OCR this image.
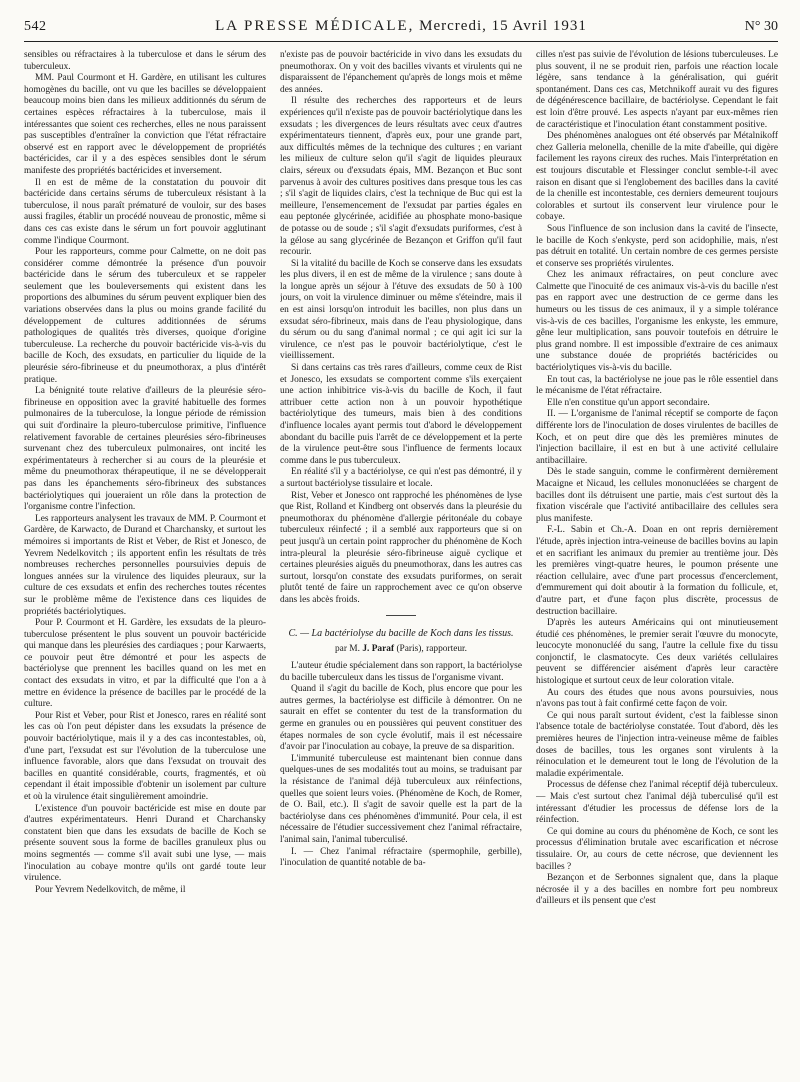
542	LA PRESSE MÉDICALE, Mercredi, 15 Avril 1931	N° 30

sensibles ou réfractaires à la tuberculose et dans le sérum des tuberculeux.

MM. Paul Courmont et H. Gardère, en utilisant les cultures homogènes du bacille, ont vu que les bacilles se développaient beaucoup moins bien dans les milieux additionnés du sérum de certaines espèces réfractaires à la tuberculose, mais il intéressantes que soient ces recherches, elles ne nous paraissent pas susceptibles d'entraîner la conviction que l'état réfractaire observé est en rapport avec le développement de propriétés bactéricides, car il y a des espèces sensibles dont le sérum manifeste des propriétés bactéricides et inversement.

Il en est de même de la constatation du pouvoir dit bactéricide dans certains sérums de tuberculeux résistant à la tuberculose, il nous paraît prématuré de vouloir, sur des bases aussi fragiles, établir un procédé nouveau de pronostic, même si dans ces cas existe dans le sérum un fort pouvoir agglutinant comme l'indique Courmont.

Pour les rapporteurs, comme pour Calmette, on ne doit pas considérer comme démontrée la présence d'un pouvoir bactéricide dans le sérum des tuberculeux et se rappeler seulement que les bouleversements qui existent dans les proportions des albumines du sérum peuvent expliquer bien des variations observées dans la plus ou moins grande facilité du développement de cultures additionnées de sérums pathologiques de qualités très diverses, quoique d'origine tuberculeuse. La recherche du pouvoir bactéricide vis-à-vis du bacille de Koch, des exsudats, en particulier du liquide de la pleurésie séro-fibrineuse et du pneumothorax, a plus d'intérêt pratique.

La bénignité toute relative d'ailleurs de la pleurésie séro-fibrineuse en opposition avec la gravité habituelle des formes pulmonaires de la tuberculose, la longue période de rémission qui suit d'ordinaire la pleuro-tuberculose primitive, l'influence relativement favorable de certaines pleurésies séro-fibrineuses survenant chez des tuberculeux pulmonaires, ont incité les expérimentateurs à rechercher si au cours de la pleurésie et même du pneumothorax thérapeutique, il ne se développerait pas dans les épanchements séro-fibrineux des substances bactériolytiques qui joueraient un rôle dans la protection de l'organisme contre l'infection.

Les rapporteurs analysent les travaux de MM. P. Courmont et Gardère, de Karwacto, de Durand et Charchansky, et surtout les mémoires si importants de Rist et Veber, de Rist et Jonesco, de Yevrem Nedelkovitch ; ils apportent enfin les résultats de très nombreuses recherches personnelles poursuivies depuis de longues années sur la virulence des liquides pleuraux, sur la culture de ces exsudats et enfin des recherches toutes récentes sur le problème même de l'existence dans ces liquides de propriétés bactériolytiques.

Pour P. Courmont et H. Gardère, les exsudats de la pleuro-tuberculose présentent le plus souvent un pouvoir bactéricide qui manque dans les pleurésies des cardiaques ; pour Karwaerts, ce pouvoir peut être démontré et pour les aspects de bactériolyse que prennent les bacilles quand on les met en contact des exsudats in vitro, et par la difficulté que l'on a à mettre en évidence la présence de bacilles par le procédé de la culture.

Pour Rist et Veber, pour Rist et Jonesco, rares en réalité sont les cas où l'on peut dépister dans les exsudats la présence de pouvoir bactériolytique, mais il y a des cas incontestables, où, d'une part, l'exsudat est sur l'évolution de la tuberculose une influence favorable, alors que dans l'exsudat on trouvait des bacilles en quantité considérable, courts, fragmentés, et où cependant il était impossible d'obtenir un isolement par culture et où la virulence était singulièrement amoindrie.

L'existence d'un pouvoir bactéricide est mise en doute par d'autres expérimentateurs. Henri Durand et Charchansky constatent bien que dans les exsudats de bacille de Koch se présente souvent sous la forme de bacilles granuleux plus ou moins segmentés — comme s'il avait subi une lyse, — mais l'inoculation au cobaye montre qu'ils ont gardé toute leur virulence.

Pour Yevrem Nedelkovitch, de même, il

n'existe pas de pouvoir bactéricide in vivo dans les exsudats du pneumothorax. On y voit des bacilles vivants et virulents qui ne disparaissent de l'épanchement qu'après de longs mois et même des années.

Il résulte des recherches des rapporteurs et de leurs expériences qu'il n'existe pas de pouvoir bactériolytique dans les exsudats ; les divergences de leurs résultats avec ceux d'autres expérimentateurs tiennent, d'après eux, pour une grande part, aux difficultés mêmes de la technique des cultures ; en variant les milieux de culture selon qu'il s'agit de liquides pleuraux clairs, séreux ou d'exsudats épais, MM. Bezançon et Buc sont parvenus à avoir des cultures positives dans presque tous les cas ; s'il s'agit de liquides clairs, c'est la technique de Buc qui est la meilleure, l'ensemencement de l'exsudat par parties égales en eau peptonée glycérinée, acidifiée au phosphate mono-basique de potasse ou de soude ; s'il s'agit d'exsudats puriformes, c'est à la gélose au sang glycérinée de Bezançon et Griffon qu'il faut recourir.

Si la vitalité du bacille de Koch se conserve dans les exsudats les plus divers, il en est de même de la virulence ; sans doute à la longue après un séjour à l'étuve des exsudats de 50 à 100 jours, on voit la virulence diminuer ou même s'éteindre, mais il en est ainsi lorsqu'on introduit les bacilles, non plus dans un exsudat séro-fibrineux, mais dans de l'eau physiologique, dans du sérum ou du sang d'animal normal ; ce qui agit ici sur la virulence, ce n'est pas le pouvoir bactériolytique, c'est le vieillissement.

Si dans certains cas très rares d'ailleurs, comme ceux de Rist et Jonesco, les exsudats se comportent comme s'ils exerçaient une action inhibitrice vis-à-vis du bacille de Koch, il faut attribuer cette action non à un pouvoir hypothétique bactériolytique des tumeurs, mais bien à des conditions d'influence locales ayant permis tout d'abord le développement abondant du bacille puis l'arrêt de ce développement et la perte de la virulence peut-être sous l'influence de ferments locaux comme dans le pus tuberculeux.

En réalité s'il y a bactériolyse, ce qui n'est pas démontré, il y a surtout bactériolyse tissulaire et locale.

Rist, Veber et Jonesco ont rapproché les phénomènes de lyse que Rist, Rolland et Kindberg ont observés dans la pleurésie du pneumothorax du phénomène d'allergie péritonéale du cobaye tuberculeux réinfecté ; il a semblé aux rapporteurs que si on peut jusqu'à un certain point rapprocher du phénomène de Koch intra-pleural la pleurésie séro-fibrineuse aiguë cyclique et certaines pleurésies aiguës du pneumothorax, dans les autres cas surtout, lorsqu'on constate des exsudats puriformes, on serait plutôt tenté de faire un rapprochement avec ce qu'on observe dans les abcès froids.

C. — La bactériolyse du bacille de Koch dans les tissus.
par M. J. Paraf (Paris), rapporteur.

L'auteur étudie spécialement dans son rapport, la bactériolyse du bacille tuberculeux dans les tissus de l'organisme vivant.

Quand il s'agit du bacille de Koch, plus encore que pour les autres germes, la bactériolyse est difficile à démontrer. On ne saurait en effet se contenter du test de la transformation du germe en granules ou en poussières qui peuvent constituer des étapes normales de son cycle évolutif, mais il est nécessaire d'avoir par l'inoculation au cobaye, la preuve de sa disparition.

L'immunité tuberculeuse est maintenant bien connue dans quelques-unes de ses modalités tout au moins, se traduisant par la résistance de l'animal déjà tuberculeux aux réinfections, quelles que soient leurs voies. (Phénomène de Koch, de Romer, de O. Bail, etc.). Il s'agit de savoir quelle est la part de la bactériolyse dans ces phénomènes d'immunité. Pour cela, il est nécessaire de l'étudier successivement chez l'animal réfractaire, l'animal sain, l'animal tuberculisé.

I. — Chez l'animal réfractaire (spermophile, gerbille), l'inoculation de quantité notable de ba-

cilles n'est pas suivie de l'évolution de lésions tuberculeuses. Le plus souvent, il ne se produit rien, parfois une réaction locale légère, sans tendance à la généralisation, qui guérit spontanément. Dans ces cas, Metchnikoff aurait vu des figures de dégénérescence bacillaire, de bactériolyse. Cependant le fait est loin d'être prouvé. Les aspects n'ayant par eux-mêmes rien de caractéristique et l'inoculation étant constamment positive.

Des phénomènes analogues ont été observés par Métalnikoff chez Galleria melonella, chenille de la mite d'abeille, qui digère facilement les rayons cireux des ruches. Mais l'interprétation en est toujours discutable et Flessinger conclut semble-t-il avec raison en disant que si l'englobement des bacilles dans la cavité de la chenille est incontestable, ces derniers demeurent toujours colorables et surtout ils conservent leur virulence pour le cobaye.

Sous l'influence de son inclusion dans la cavité de l'insecte, le bacille de Koch s'enkyste, perd son acidophilie, mais, n'est pas détruit en totalité. Un certain nombre de ces germes persiste et conserve ses propriétés virulentes.

Chez les animaux réfractaires, on peut conclure avec Calmette que l'inocuité de ces animaux vis-à-vis du bacille n'est pas en rapport avec une destruction de ce germe dans les humeurs ou les tissus de ces animaux, il y a simple tolérance vis-à-vis de ces bacilles, l'organisme les enkyste, les emmure, gêne leur multiplication, sans pouvoir toutefois en détruire le plus grand nombre. Il est impossible d'extraire de ces animaux une substance douée de propriétés bactéricides ou bactériolytiques vis-à-vis du bacille.

En tout cas, la bactériolyse ne joue pas le rôle essentiel dans le mécanisme de l'état réfractaire.

Elle n'en constitue qu'un apport secondaire.

II. — L'organisme de l'animal réceptif se comporte de façon différente lors de l'inoculation de doses virulentes de bacilles de Koch, et on peut dire que dès les premières minutes de l'injection bacillaire, il est en but à une activité cellulaire antibacillaire.

Dès le stade sanguin, comme le confirmèrent dernièrement Macaigne et Nicaud, les cellules mononucléées se chargent de bacilles dont ils détruisent une partie, mais c'est surtout dès la fixation viscérale que l'activité antibacillaire des cellules sera plus manifeste.

F.-L. Sabin et Ch.-A. Doan en ont repris dernièrement l'étude, après injection intra-veineuse de bacilles bovins au lapin et en sacrifiant les animaux du premier au trentième jour. Dès les premières vingt-quatre heures, le poumon présente une réaction cellulaire, avec d'une part processus d'encerclement, d'emmurement qui doit aboutir à la formation du follicule, et, d'autre part, et d'une façon plus discrète, processus de destruction bacillaire.

D'après les auteurs Américains qui ont minutieusement étudié ces phénomènes, le premier serait l'œuvre du monocyte, leucocyte mononucléé du sang, l'autre la cellule fixe du tissu conjonctif, le clasmatocyte. Ces deux variétés cellulaires peuvent se différencier aisément d'après leur caractère histologique et surtout ceux de leur coloration vitale.

Au cours des études que nous avons poursuivies, nous n'avons pas tout à fait confirmé cette façon de voir.

Ce qui nous paraît surtout évident, c'est la faiblesse sinon l'absence totale de bactériolyse constatée. Tout d'abord, dès les premières heures de l'injection intra-veineuse même de faibles doses de bacilles, tous les organes sont virulents à la réinoculation et le demeurent tout le long de l'évolution de la maladie expérimentale.

Processus de défense chez l'animal réceptif déjà tuberculeux. — Mais c'est surtout chez l'animal déjà tuberculisé qu'il est intéressant d'étudier les processus de défense lors de la réinfection.

Ce qui domine au cours du phénomène de Koch, ce sont les processus d'élimination brutale avec escarification et nécrose tissulaire. Or, au cours de cette nécrose, que deviennent les bacilles ?

Bezançon et de Serbonnes signalent que, dans la plaque nécrosée il y a des bacilles en nombre fort peu nombreux d'ailleurs et ils pensent que c'est
